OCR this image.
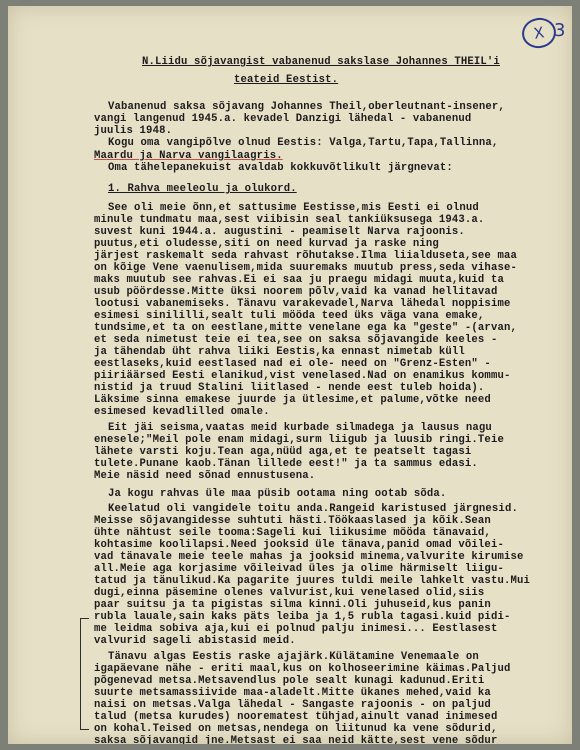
X 3

N.Liidu sõjavangist vabanenud sakslase Johannes THEIL'i

teateid Eestist.

Vabanenud saksa sõjavang Johannes Theil,oberleutnant-insener,

vangi langenud 1945.a. kevadel Danzigi lähedal - vabanenud

juulis 1948.

Kogu oma vangipõlve olnud Eestis: Valga,Tartu,Tapa,Tallinna,

Maardu ja Narva vangilaagris.

Oma tähelepanekuist avaldab kokkuvõtlikult järgnevat:

1. Rahva meeleolu ja olukord.

See oli meie õnn,et sattusime Eestisse,mis Eesti ei olnud

minule tundmatu maa,sest viibisin seal tankiüksusega 1943.a.

suvest kuni 1944.a. augustini - peamiselt Narva rajoonis.

puutus,eti oludesse,siti on need kurvad ja raske ning

järjest raskemalt seda rahvast rõhutakse.Ilma liialduseta,see maa

on kõige Vene vaenulisem,mida suuremaks muutub press,seda vihase-

maks muutub see rahvas.Ei ei saa ju praegu midagi muuta,kuid ta

usub pöördesse.Mitte üksi noorem põlv,vaid ka vanad hellitavad

lootusi vabanemiseks. Tänavu varakevadel,Narva lähedal noppisime

esimesi sinililli,sealt tuli mööda teed üks väga vana emake,

tundsime,et ta on eestlane,mitte venelane ega ka "geste" -(arvan,

et seda nimetust teie ei tea,see on saksa sõjavangide keeles -

ja tähendab üht rahva liiki Eestis,ka ennast nimetab küll

eestlaseks,kuid eestlased nad ei ole- need on "Grenz-Esten" -

piiriäärsed Eesti elanikud,vist venelased.Nad on enamikus kommu-

nistid ja truud Stalini liitlased - nende eest tuleb hoida).

Läksime sinna emakese juurde ja ütlesime,et palume,võtke need

esimesed kevadlilled omale.

Eit jäi seisma,vaatas meid kurbade silmadega ja lausus nagu

enesele;"Meil pole enam midagi,surm liigub ja luusib ringi.Teie

lähete varsti koju.Tean aga,nüüd aga,et te peatselt tagasi

tulete.Punane kaob.Tänan lillede eest!" ja ta sammus edasi.

Meie näsid need sõnad ennustusena.

Ja kogu rahvas üle maa püsib ootama ning ootab sõda.

Keelatud oli vangidele toitu anda.Rangeid karistused järgnesid.

Meisse sõjavangidesse suhtuti hästi.Töökaaslased ja kõik.Sean

ühte nähtust seile tooma:Sageli kui liikusime mööda tänavaid,

kohtasime koolilapsi.Need jooksid üle tänava,panid omad võilei-

vad tänavale meie teele mahas ja jooksid minema,valvurite kirumise

all.Meie aga korjasime võileivad üles ja olime härmiselt liigu-

tatud ja tänulikud.Ka pagarite juures tuldi meile lahkelt vastu.Mui

dugi,einna päsemine olenes valvurist,kui venelased olid,siis

paar suitsu ja ta pigistas silma kinni.Oli juhuseid,kus panin

rubla lauale,sain kaks päts leiba ja 1,5 rubla tagasi.kuid pidi-

me leidma sobiva aja,kui ei polnud palju inimesi... Eestlasest

valvurid sageli abistasid meid.

Tänavu algas Eestis raske ajajärk.Külätamine Venemaale on

igapäevane nähe - eriti maal,kus on kolhoseerimine käimas.Paljud

põgenevad metsa.Metsavendlus pole sealt kunagi kadunud.Eriti

suurte metsamassiivide maa-aladelt.Mitte ükanes mehed,vaid ka

naisi on metsas.Valga lähedal - Sangaste rajoonis - on paljud

talud (metsa kurudes) noorematest tühjad,ainult vanad inimesed

on kohal.Teised on metsas,nendega on liitunud ka vene sõdurid,

saksa sõjavangid jne.Metsast ei saa neid kätte,sest vene sõdur
